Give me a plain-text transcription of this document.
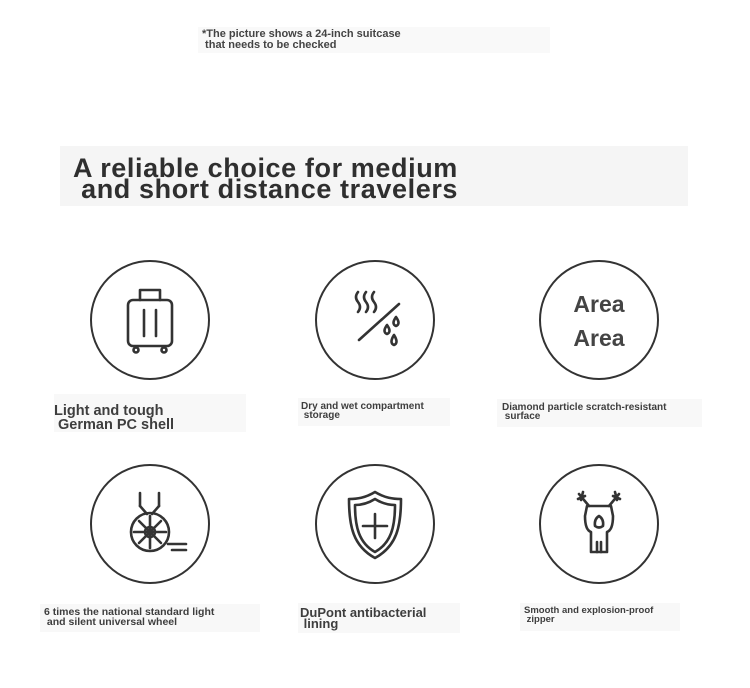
*The picture shows a 24-inch suitcase
that needs to be checked
A reliable choice for medium
and short distance travelers
Light and tough
German PC shell
Dry and wet compartment
storage
Area
Area
Diamond particle scratch-resistant
surface
6 times the national standard light
and silent universal wheel
DuPont antibacterial
lining
Smooth and explosion-proof
zipper
